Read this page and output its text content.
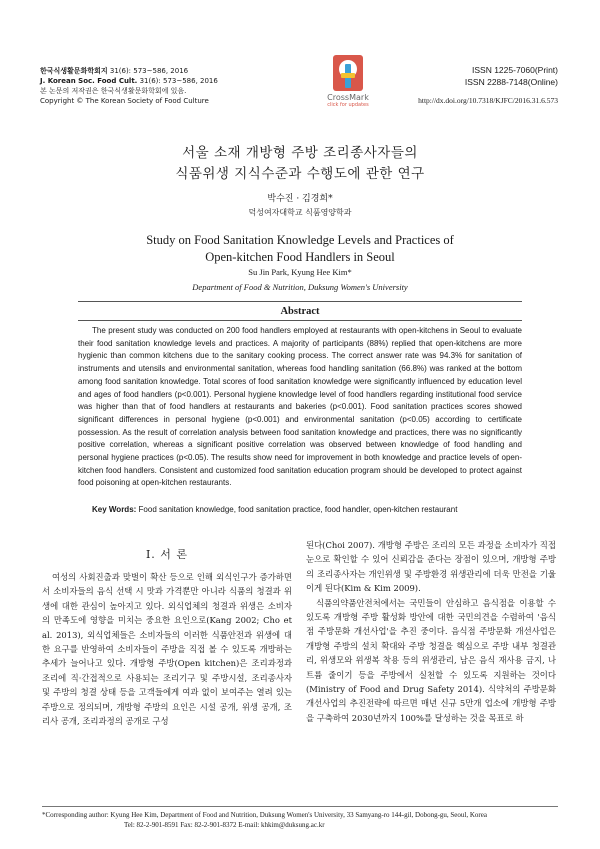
한국식생활문화학회지 31(6): 573~586, 2016
J. Korean Soc. Food Cult. 31(6): 573~586, 2016
본 논문의 저작권은 한국식생활문화학회에 있음.
Copyright © The Korean Society of Food Culture	CrossMark
click for updates
ISSN 1225-7060(Print)
ISSN 2288-7148(Online)
http://dx.doi.org/10.7318/KJFC/2016.31.6.573
서울 소재 개방형 주방 조리종사자들의
식품위생 지식수준과 수행도에 관한 연구
박수진 · 김경희*
덕성여자대학교 식품영양학과
Study on Food Sanitation Knowledge Levels and Practices of
Open-kitchen Food Handlers in Seoul
Su Jin Park, Kyung Hee Kim*
Department of Food & Nutrition, Duksung Women's University
Abstract
The present study was conducted on 200 food handlers employed at restaurants with open-kitchens in Seoul to evaluate their food sanitation knowledge levels and practices. A majority of participants (88%) replied that open-kitchens are more hygienic than common kitchens due to the sanitary cooking process. The correct answer rate was 94.3% for sanitation of instruments and utensils and environmental sanitation, whereas food handling sanitation (66.8%) was ranked at the bottom among food sanitation knowledge. Total scores of food sanitation knowledge were significantly influenced by education level and ages of food handlers (p<0.001). Personal hygiene knowledge level of food handlers regarding institutional food service was higher than that of food handlers at restaurants and bakeries (p<0.001). Food sanitation practices scores showed significant differences in personal hygiene (p<0.001) and environmental sanitation (p<0.05) according to certificate possession. As the result of correlation analysis between food sanitation knowledge and practices, there was no significantly positive correlation, whereas a significant positive correlation was observed between knowledge of food handling and personal hygiene practices (p<0.05). The results show need for improvement in both knowledge and practice levels of open-kitchen food handlers. Consistent and customized food sanitation education program should be developed to protect against food poisoning at open-kitchen restaurants.
Key Words: Food sanitation knowledge, food sanitation practice, food handler, open-kitchen restaurant
Ⅰ. 서 론
여성의 사회진출과 맞벌이 확산 등으로 인해 외식인구가 증가하면서 소비자들의 음식 선택 시 맛과 가격뿐만 아니라 식품의 청결과 위생에 대한 관심이 높아지고 있다. 외식업체의 청결과 위생은 소비자의 만족도에 영향을 미치는 중요한 요인으로(Kang 2002; Cho et al. 2013), 외식업체들은 소비자들의 이러한 식품안전과 위생에 대한 요구를 반영하여 소비자들이 주방을 직접 볼 수 있도록 개방하는 추세가 늘어나고 있다. 개방형 주방(Open kitchen)은 조리과정과 조리에 직·간접적으로 사용되는 조리기구 및 주방시설, 조리종사자 및 주방의 청결 상태 등을 고객들에게 여과 없이 보여주는 열려 있는 주방으로 정의되며, 개방형 주방의 요인은 시설 공개, 위생 공개, 조리사 공개, 조리과정의 공개로 구성

된다(Choi 2007). 개방형 주방은 조리의 모든 과정을 소비자가 직접 눈으로 확인할 수 있어 신뢰감을 준다는 장점이 있으며, 개방형 주방의 조리종사자는 개인위생 및 주방환경 위생관리에 더욱 만전을 기울이게 된다(Kim & Kim 2009).

식품의약품안전처에서는 국민들이 안심하고 음식점을 이용할 수 있도록 개방형 주방 활성화 방안에 대한 국민의견을 수렴하여 '음식점 주방문화 개선사업'을 추진 중이다. 음식점 주방문화 개선사업은 개방형 주방의 설치 확대와 주방 청결을 핵심으로 주방 내부 청결관리, 위생모와 위생복 착용 등의 위생관리, 남은 음식 재사용 금지, 나트륨 줄이기 등을 주방에서 실천할 수 있도록 지원하는 것이다(Ministry of Food and Drug Safety 2014). 식약처의 주방문화 개선사업의 추진전략에 따르면 매년 신규 5만개 업소에 개방형 주방을 구축하여 2030년까지 100%를 달성하는 것을 목표로 하

*Corresponding author: Kyung Hee Kim, Department of Food and Nutrition, Duksung Women's University, 33 Samyang-ro 144-gil, Dobong-gu, Seoul, Korea
Tel: 82-2-901-8591 Fax: 82-2-901-8372 E-mail: khkim@duksung.ac.kr
